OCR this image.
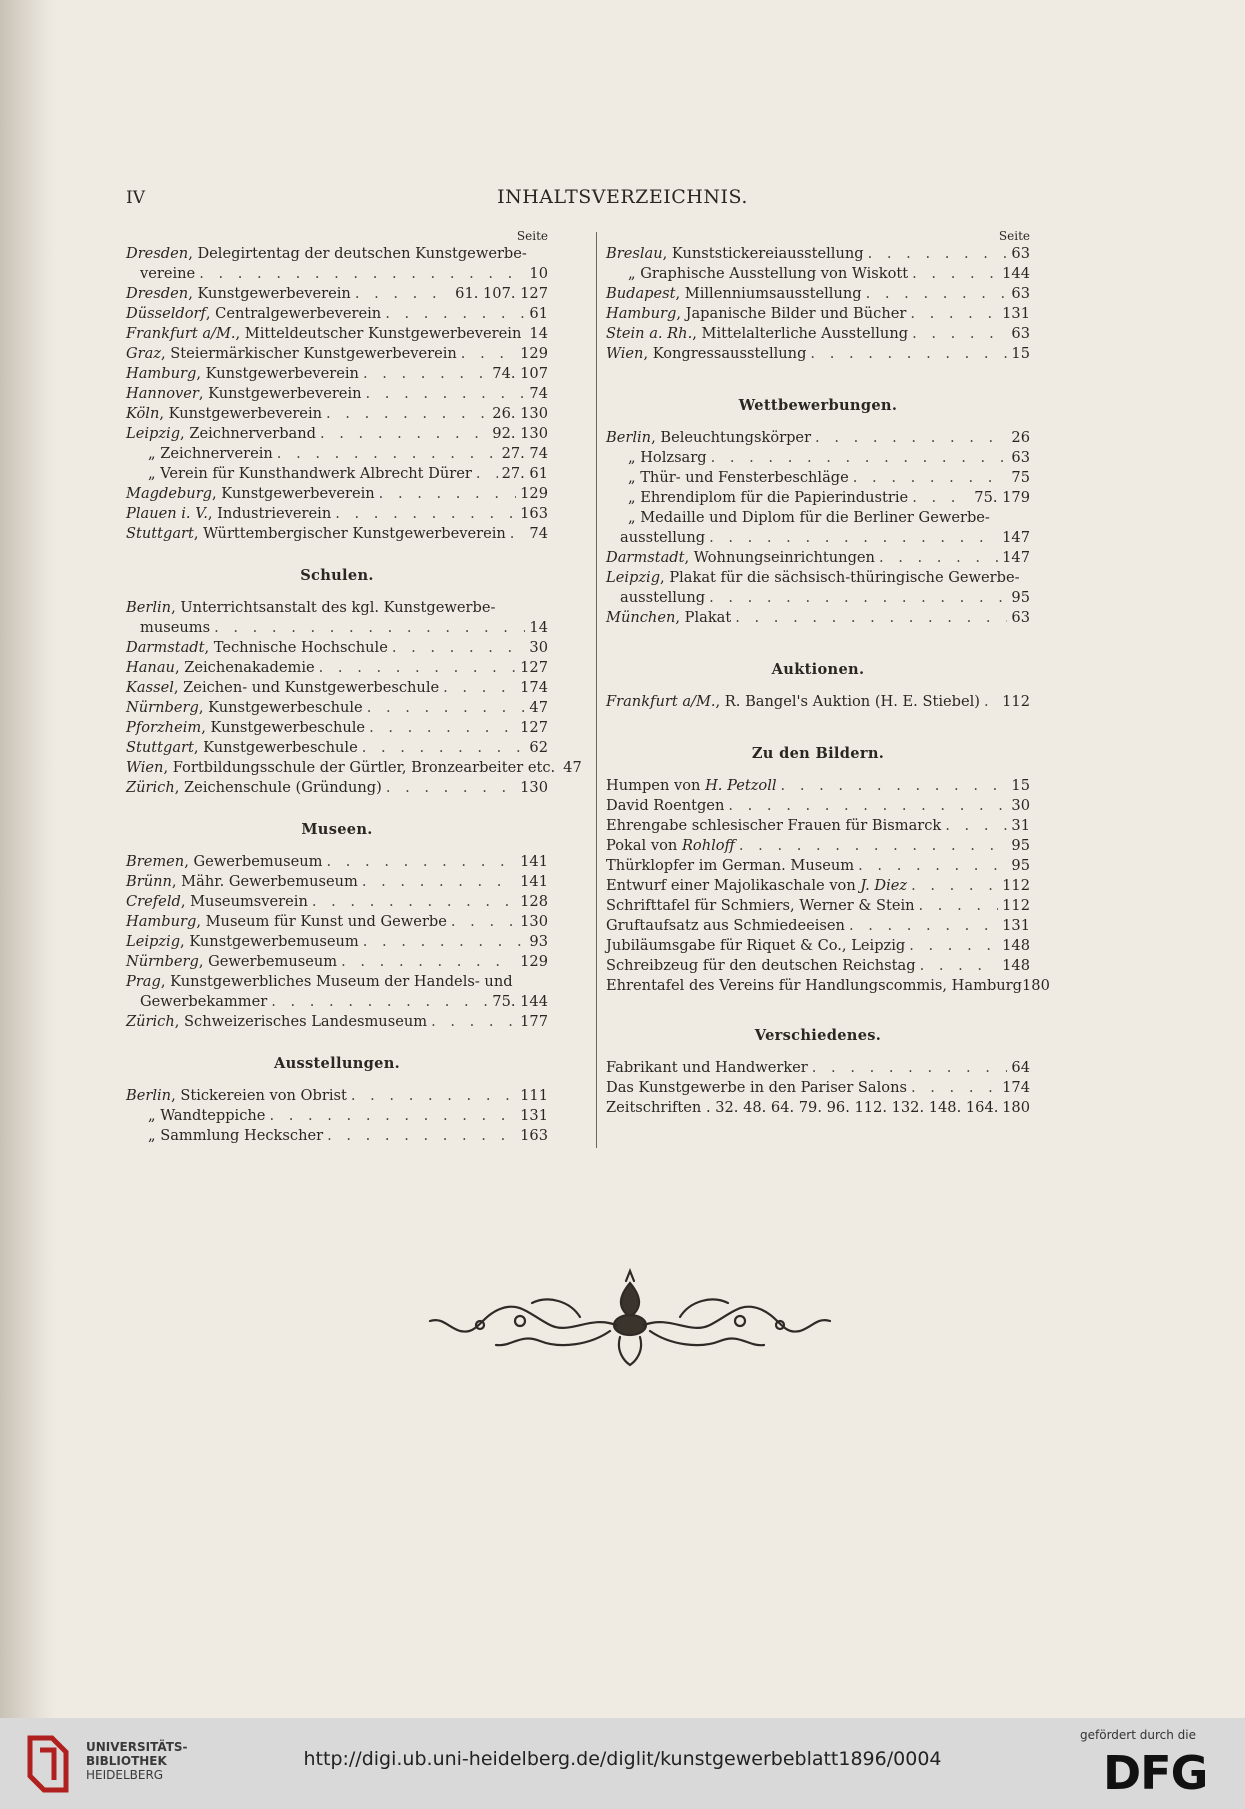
IV	INHALTSVERZEICHNIS.
Seite
Dresden, Delegirtentag der deutschen Kunstgewerbe-
vereine . . .	10
Dresden, Kunstgewerbeverein . . .	61. 107. 127
Düsseldorf, Centralgewerbeverein . . .	61
Frankfurt a/M., Mitteldeutscher Kunstgewerbeverein . . . 14
Graz, Steiermärkischer Kunstgewerbeverein . . .	129
Hamburg, Kunstgewerbeverein . . .	74. 107
Hannover, Kunstgewerbeverein . . .	74
Köln, Kunstgewerbeverein . . .	26. 130
Leipzig, Zeichnerverband . . .	92. 130
„ Zeichnerverein . . .	27. 74
„ Verein für Kunsthandwerk Albrecht Dürer . . . 27. 61
Magdeburg, Kunstgewerbeverein . . .	129
Plauen i. V., Industrieverein . . .	163
Stuttgart, Württembergischer Kunstgewerbeverein . . . 74
Schulen.
Berlin, Unterrichtsanstalt des kgl. Kunstgewerbe-
museums . . .	14
Darmstadt, Technische Hochschule . . .	30
Hanau, Zeichenakademie . . .	127
Kassel, Zeichen- und Kunstgewerbeschule . . .	174
Nürnberg, Kunstgewerbeschule . . .	47
Pforzheim, Kunstgewerbeschule . . .	127
Stuttgart, Kunstgewerbeschule . . .	62
Wien, Fortbildungsschule der Gürtler, Bronzearbeiter etc. 47
Zürich, Zeichenschule (Gründung) . . .	130
Museen.
Bremen, Gewerbemuseum . . .	141
Brünn, Mähr. Gewerbemuseum . . .	141
Crefeld, Museumsverein . . .	128
Hamburg, Museum für Kunst und Gewerbe . . .	130
Leipzig, Kunstgewerbemuseum . . .	93
Nürnberg, Gewerbemuseum . . .	129
Prag, Kunstgewerbliches Museum der Handels- und
Gewerbekammer . . .	75. 144
Zürich, Schweizerisches Landesmuseum . . .	177
Ausstellungen.
Berlin, Stickereien von Obrist . . .	111
„ Wandteppiche . . .	131
„ Sammlung Heckscher . . .	163
Seite
Breslau, Kunststickereiausstellung . . .	63
„ Graphische Ausstellung von Wiskott . . .	144
Budapest, Millenniumsausstellung . . .	63
Hamburg, Japanische Bilder und Bücher . . .	131
Stein a. Rh., Mittelalterliche Ausstellung . . .	63
Wien, Kongressausstellung . . .	15
Wettbewerbungen.
Berlin, Beleuchtungskörper . . .	26
„ Holzsarg . . .	63
„ Thür- und Fensterbeschläge . . .	75
„ Ehrendiplom für die Papierindustrie . . .	75. 179
„ Medaille und Diplom für die Berliner Gewerbe-
ausstellung . . .	147
Darmstadt, Wohnungseinrichtungen . . .	147
Leipzig, Plakat für die sächsisch-thüringische Gewerbe-
ausstellung . . .	95
München, Plakat . . .	63
Auktionen.
Frankfurt a/M., R. Bangel's Auktion (H. E. Stiebel) . . . 112
Zu den Bildern.
Humpen von H. Petzoll . . .	15
David Roentgen . . .	30
Ehrengabe schlesischer Frauen für Bismarck . . .	31
Pokal von Rohloff . . .	95
Thürklopfer im German. Museum . . .	95
Entwurf einer Majolikaschale von J. Diez . . .	112
Schrifttafel für Schmiers, Werner & Stein . . .	112
Gruftaufsatz aus Schmiedeeisen . . .	131
Jubiläumsgabe für Riquet & Co., Leipzig . . .	148
Schreibzeug für den deutschen Reichstag . . .	148
Ehrentafel des Vereins für Handlungscommis, Hamburg 180
Verschiedenes.
Fabrikant und Handwerker . . .	64
Das Kunstgewerbe in den Pariser Salons . . .	174
Zeitschriften . 32. 48. 64. 79. 96. 112. 132. 148. 164. 180
UNIVERSITÄTS-
BIBLIOTHEK
HEIDELBERG
http://digi.ub.uni-heidelberg.de/diglit/kunstgewerbeblatt1896/0004
gefördert durch die
DFG
